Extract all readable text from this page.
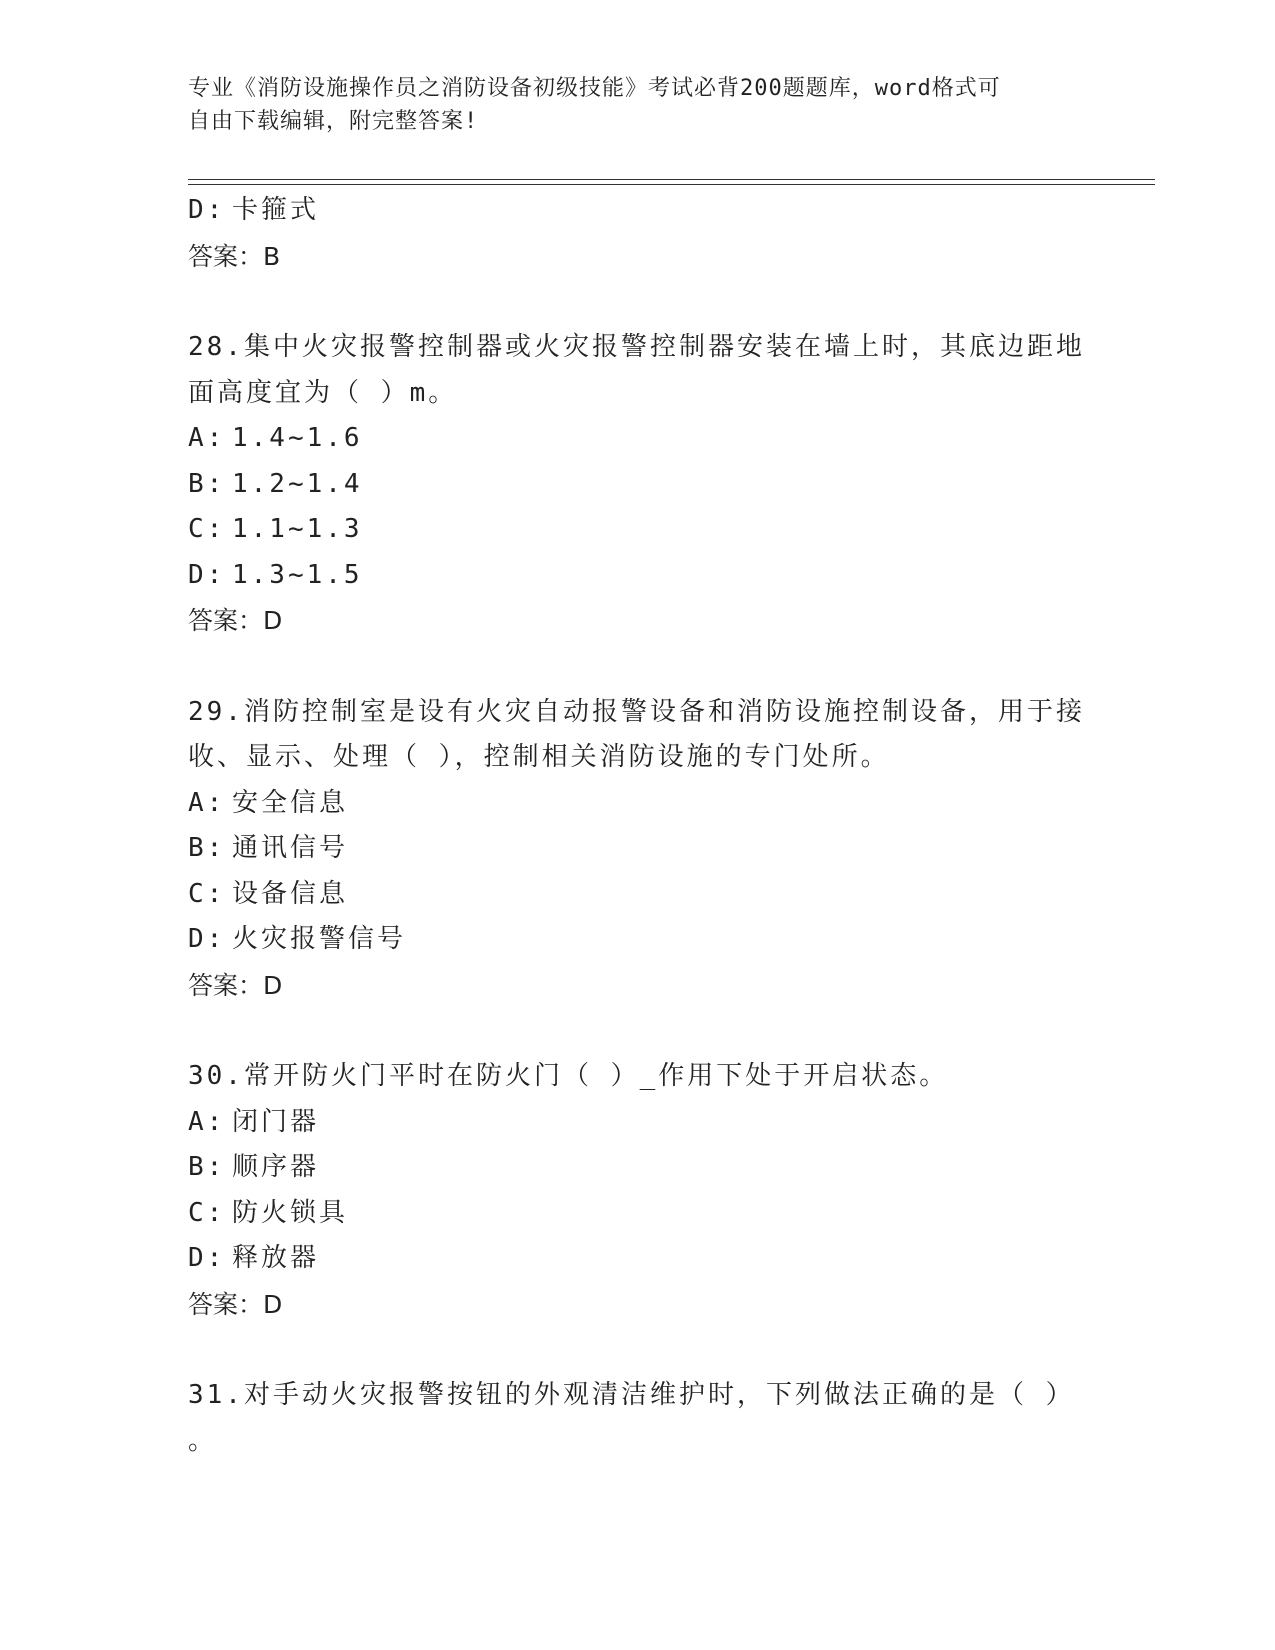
专业《消防设施操作员之消防设备初级技能》考试必背200题题库，word格式可
自由下载编辑，附完整答案!
D: 卡箍式
答案：B
28.集中火灾报警控制器或火灾报警控制器安装在墙上时，其底边距地
面高度宜为（ ）m。
A: 1.4~1.6
B: 1.2~1.4
C: 1.1~1.3
D: 1.3~1.5
答案：D
29.消防控制室是设有火灾自动报警设备和消防设施控制设备，用于接
收、显示、处理（ ），控制相关消防设施的专门处所。
A: 安全信息
B: 通讯信号
C: 设备信息
D: 火灾报警信号
答案：D
30.常开防火门平时在防火门（ ）_作用下处于开启状态。
A: 闭门器
B: 顺序器
C: 防火锁具
D: 释放器
答案：D
31.对手动火灾报警按钮的外观清洁维护时，下列做法正确的是（ ）
。
